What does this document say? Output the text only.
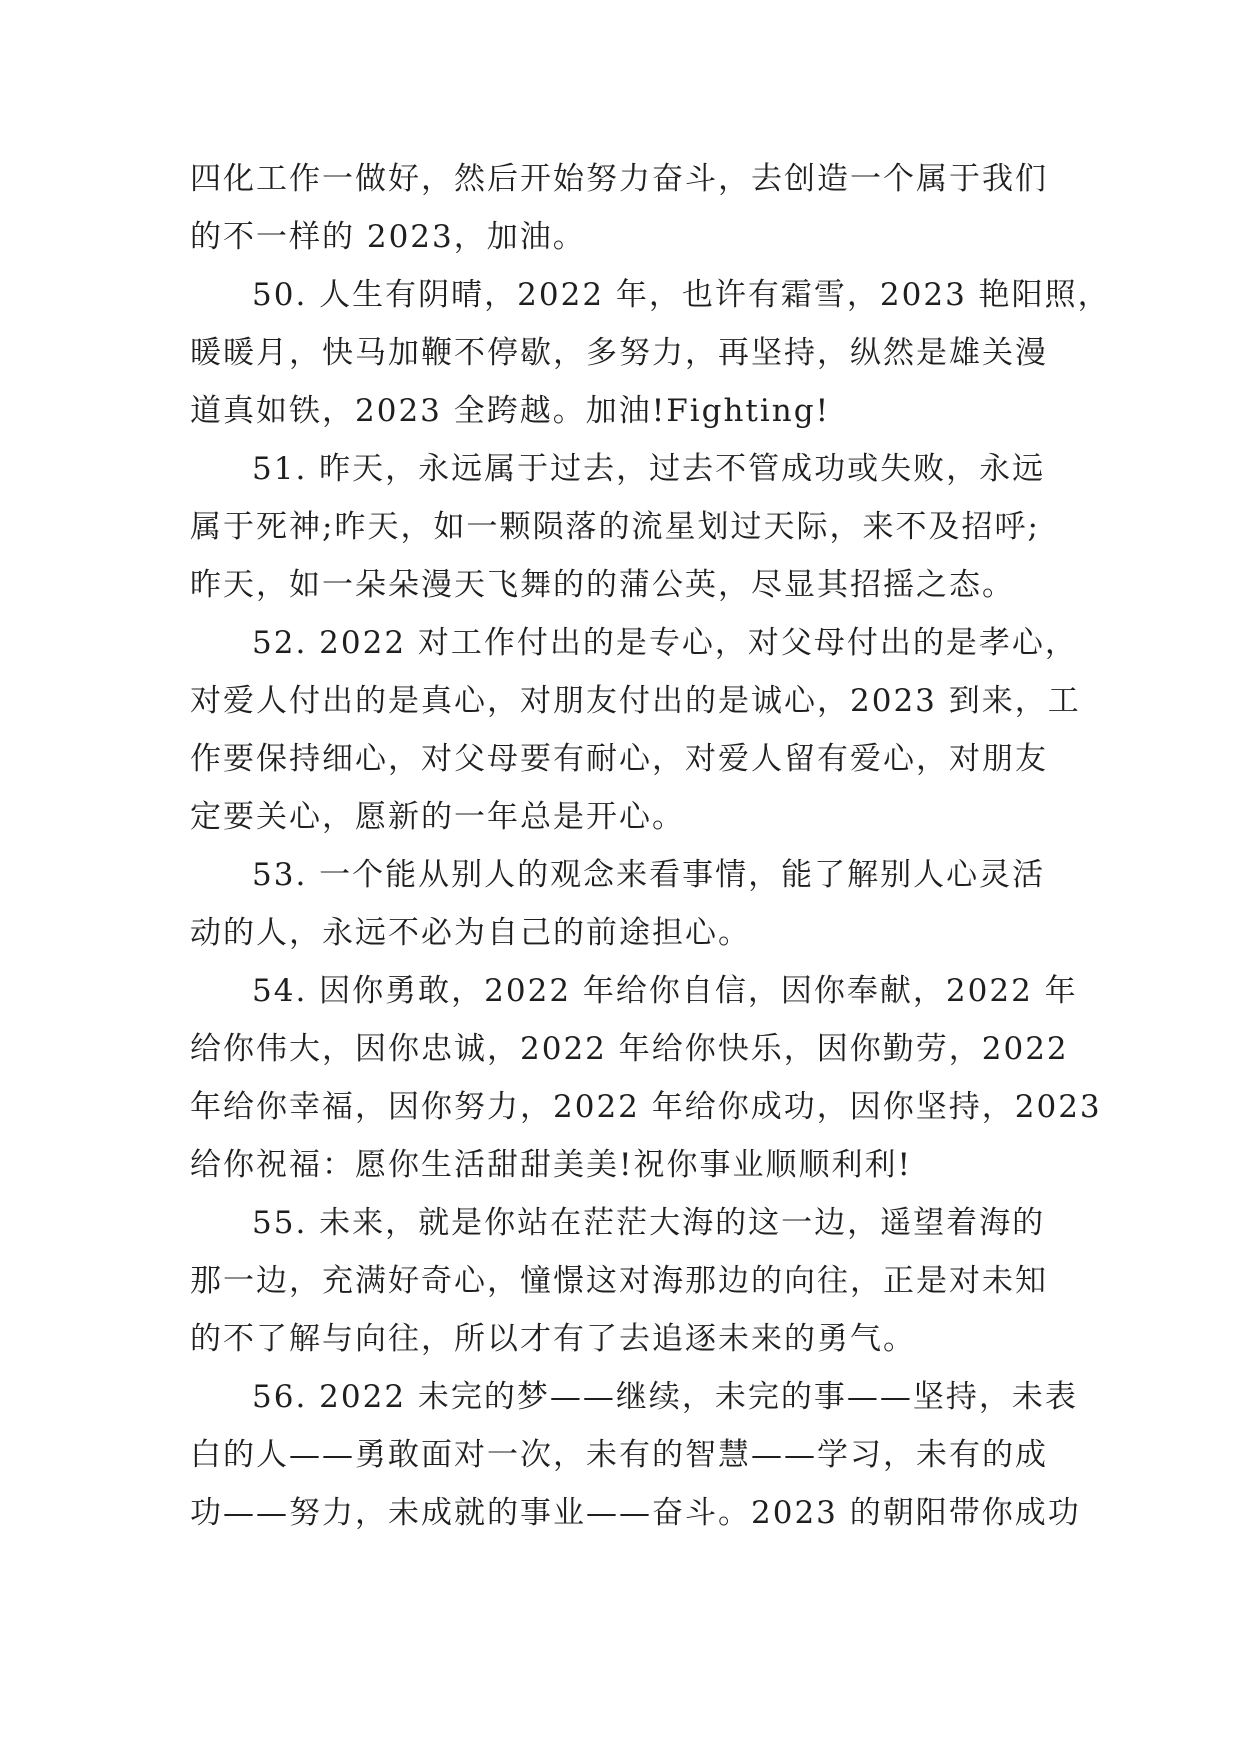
四化工作一做好，然后开始努力奋斗，去创造一个属于我们
的不一样的 2023，加油。
50. 人生有阴晴，2022 年，也许有霜雪，2023 艳阳照，
暖暖月，快马加鞭不停歇，多努力，再坚持，纵然是雄关漫
道真如铁，2023 全跨越。加油!Fighting!
51. 昨天，永远属于过去，过去不管成功或失败，永远
属于死神;昨天，如一颗陨落的流星划过天际，来不及招呼;
昨天，如一朵朵漫天飞舞的的蒲公英，尽显其招摇之态。
52. 2022 对工作付出的是专心，对父母付出的是孝心，
对爱人付出的是真心，对朋友付出的是诚心，2023 到来，工
作要保持细心，对父母要有耐心，对爱人留有爱心，对朋友
定要关心，愿新的一年总是开心。
53. 一个能从别人的观念来看事情，能了解别人心灵活
动的人，永远不必为自己的前途担心。
54. 因你勇敢，2022 年给你自信，因你奉献，2022 年
给你伟大，因你忠诚，2022 年给你快乐，因你勤劳，2022
年给你幸福，因你努力，2022 年给你成功，因你坚持，2023
给你祝福：愿你生活甜甜美美!祝你事业顺顺利利!
55. 未来，就是你站在茫茫大海的这一边，遥望着海的
那一边，充满好奇心，憧憬这对海那边的向往，正是对未知
的不了解与向往，所以才有了去追逐未来的勇气。
56. 2022 未完的梦——继续，未完的事——坚持，未表
白的人——勇敢面对一次，未有的智慧——学习，未有的成
功——努力，未成就的事业——奋斗。2023 的朝阳带你成功
